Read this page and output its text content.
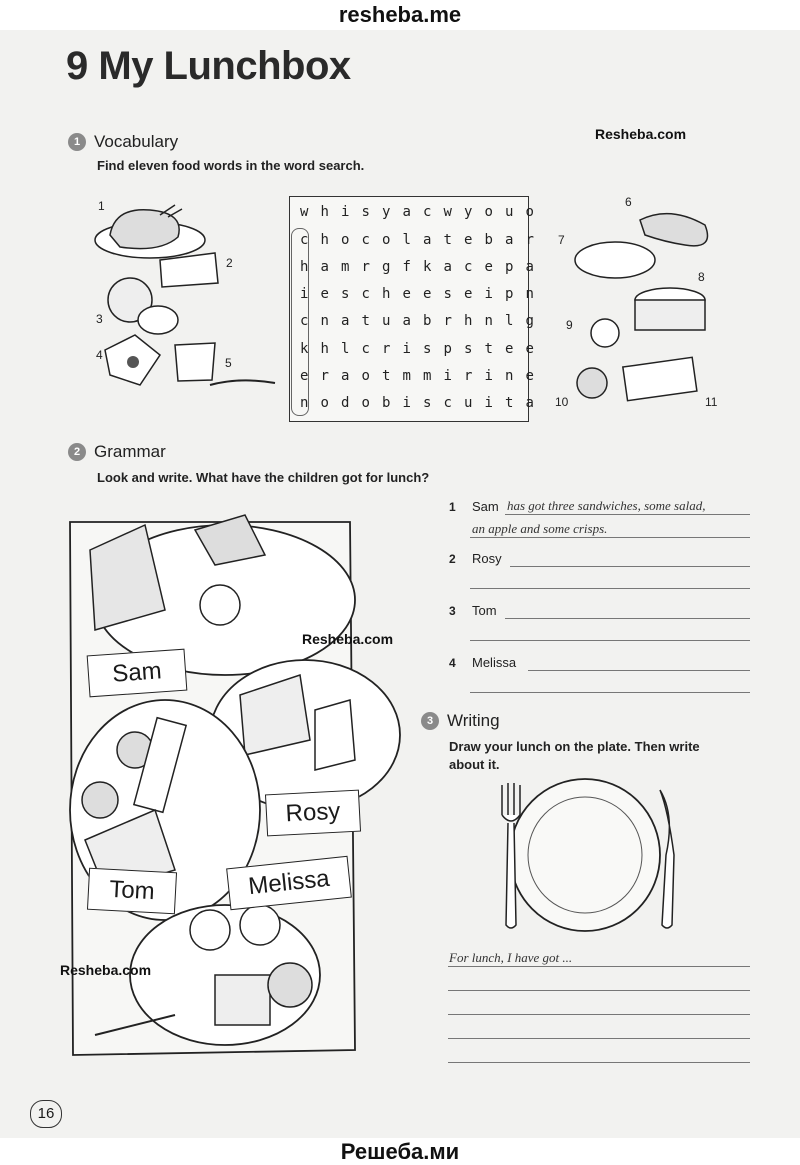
resheba.me
Решеба.ми
9 My Lunchbox
1 Vocabulary
Find eleven food words in the word search.
Resheba.com
w h i s y a c w y o u o
c h o c o l a t e b a r
h a m r g f k a c e p a
i e s c h e e s e i p n
c n a t u a b r h n l g
k h l c r i s p s t e e
e r a o t m m i r i n e
n o d o b i s c u i t a
1
2
3
4
5
6
7
8
9
10	11
2 Grammar
Look and write. What have the children got for lunch?
Sam
Rosy
Tom	Melissa
Resheba.com
Resheba.com
1 Sam has got three sandwiches, some salad,
an apple and some crisps.
2 Rosy
3 Tom
4 Melissa
3 Writing
Draw your lunch on the plate. Then write
about it.
For lunch, I have got ...
16
